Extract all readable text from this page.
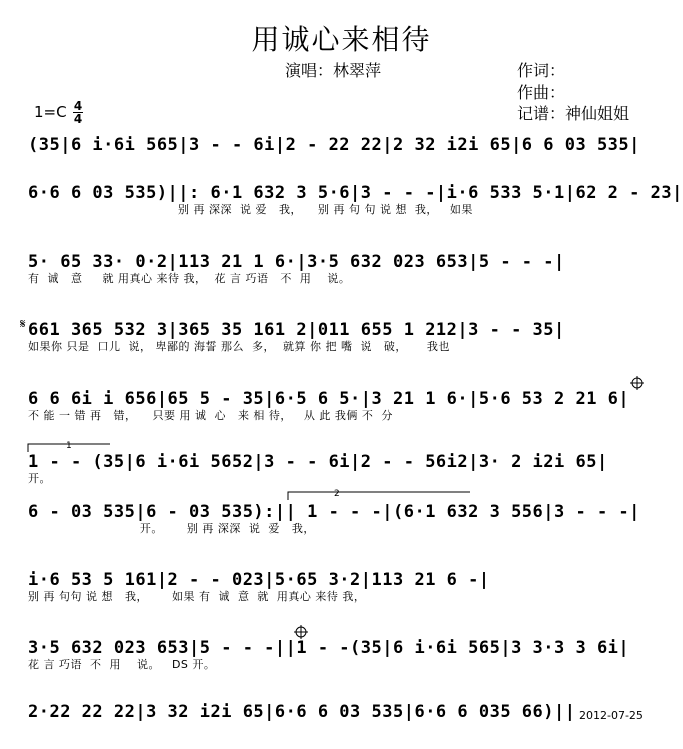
用诚心来相待
演唱：林翠萍	作词：
作曲：
记谱：神仙姐姐
1=C 4
4
(35|6 i·6i 565|3 - - 6i|2 - 22 22|2 32 i2i 65|6 6 03 535|
6·6 6 03 535)||: 6·1 632 3 5·6|3 - - -|i·6 533 5·1|62 2 - 23|
别 再 深深  说 爱   我，    别 再 句 句 说 想  我，   如果
5· 65 33· 0·2|113 21 1 6·|3·5 632 023 653|5 - - -|
有  诚   意     就 用真心 来待 我，  花 言 巧语   不  用    说。
661 365 532 3|365 35 161 2|011 655 1 212|3 - - 35|
如果你 只是  口儿  说， 卑鄙的 海誓 那么  多，  就算 你 把 嘴  说   破，     我也
6 6 6i i 656|65 5 - 35|6·5 6 5·|3 21 1 6·|5·6 53 2 21 6|
不 能 一 错 再   错，    只要 用 诚  心   来 相 待，   从 此 我俩 不  分
1 - - (35|6 i·6i 5652|3 - - 6i|2 - - 56i2|3· 2 i2i 65|
开。
6 - 03 535|6 - 03 535):|| 1 - - -|(6·1 632 3 556|3 - - -|
开。      别 再 深深  说  爱   我，
i·6 53 5 161|2 - - 023|5·65 3·2|113 21 6 -|
别 再 句句 说 想   我，      如果 有  诚  意  就  用真心 来待 我，
3·5 632 023 653|5 - - -||1 - -(35|6 i·6i 565|3 3·3 3 6i|
花 言 巧语  不  用    说。   DS 开。
2·22 22 22|3 32 i2i 65|6·6 6 03 535|6·6 6 035 66)|| 2012-07-25
1
2
𝄋
